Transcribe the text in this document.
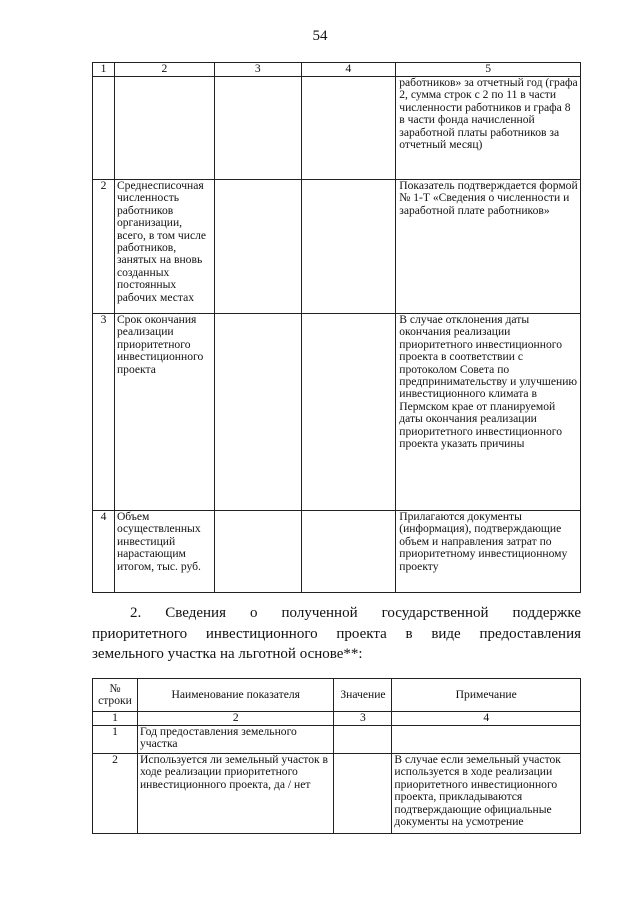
54
1	2	3	4	5
				работников» за отчетный год (графа 2, сумма строк с 2 по 11 в части численности работников и графа 8 в части фонда начисленной заработной платы работников за отчетный месяц)
2	Среднесписочная численность работников организации, всего, в том числе работников, занятых на вновь созданных постоянных рабочих местах			Показатель подтверждается формой № 1-Т «Сведения о численности и заработной плате работников»
3	Срок окончания реализации приоритетного инвестиционного проекта			В случае отклонения даты окончания реализации приоритетного инвестиционного проекта в соответствии с протоколом Совета по предпринимательству и улучшению инвестиционного климата в Пермском крае от планируемой даты окончания реализации приоритетного инвестиционного проекта указать причины
4	Объем осуществленных инвестиций нарастающим итогом, тыс. руб.			Прилагаются документы (информация), подтверждающие объем и направления затрат по приоритетному инвестиционному проекту
2. Сведения о полученной государственной поддержке
приоритетного инвестиционного проекта в виде предоставления
земельного участка на льготной основе**:
№ строки	Наименование показателя	Значение	Примечание
1	2	3	4
1	Год предоставления земельного участка		
2	Используется ли земельный участок в ходе реализации приоритетного инвестиционного проекта, да / нет		В случае если земельный участок используется в ходе реализации приоритетного инвестиционного проекта, прикладываются подтверждающие официальные документы на усмотрение
